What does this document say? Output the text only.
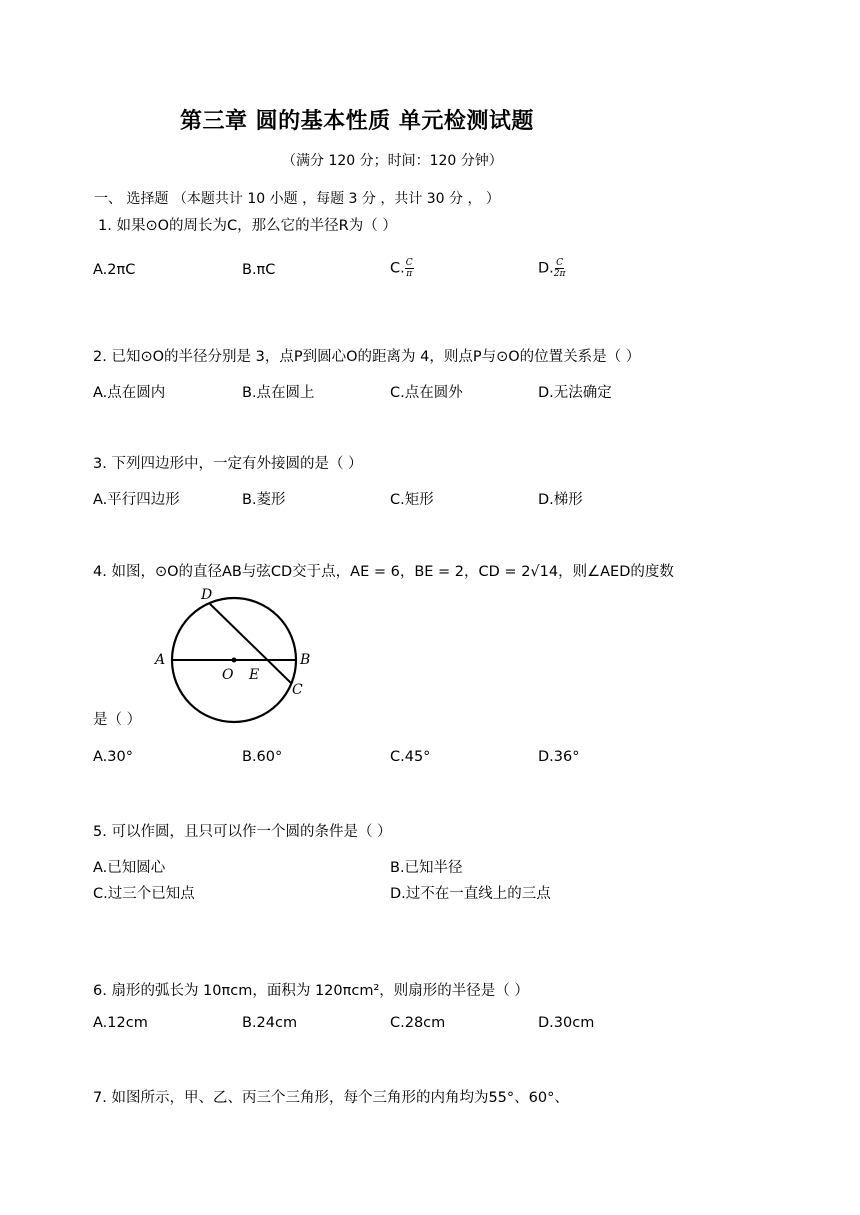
第三章 圆的基本性质 单元检测试题
（满分 120 分；时间：120 分钟）
一、 选择题 （本题共计 10 小题 ，每题 3 分 ，共计 30 分 ， ）
1. 如果⊙O的周长为C，那么它的半径R为（ ）
A.2πC	B.πC	C. $\frac{C}{\pi}$	D. $\frac{C}{2\pi}$
2. 已知⊙O的半径分别是 3，点P到圆心O的距离为 4，则点P与⊙O的位置关系是（ ）
A.点在圆内	B.点在圆上	C.点在圆外	D.无法确定
3. 下列四边形中，一定有外接圆的是（ ）
A.平行四边形	B.菱形	C.矩形	D.梯形
4. 如图，⊙O的直径AB与弦CD交于点，AE = 6，BE = 2，CD = 2√14，则∠AED的度数
A	B
C
D
O E
是（ ）
A.30°	B.60°	C.45°	D.36°
5. 可以作圆，且只可以作一个圆的条件是（ ）
A.已知圆心	B.已知半径
C.过三个已知点	D.过不在一直线上的三点
6. 扇形的弧长为 10πcm，面积为 120πcm²，则扇形的半径是（ ）
A.12cm	B.24cm	C.28cm	D.30cm
7. 如图所示，甲、乙、丙三个三角形，每个三角形的内角均为55°、60°、
